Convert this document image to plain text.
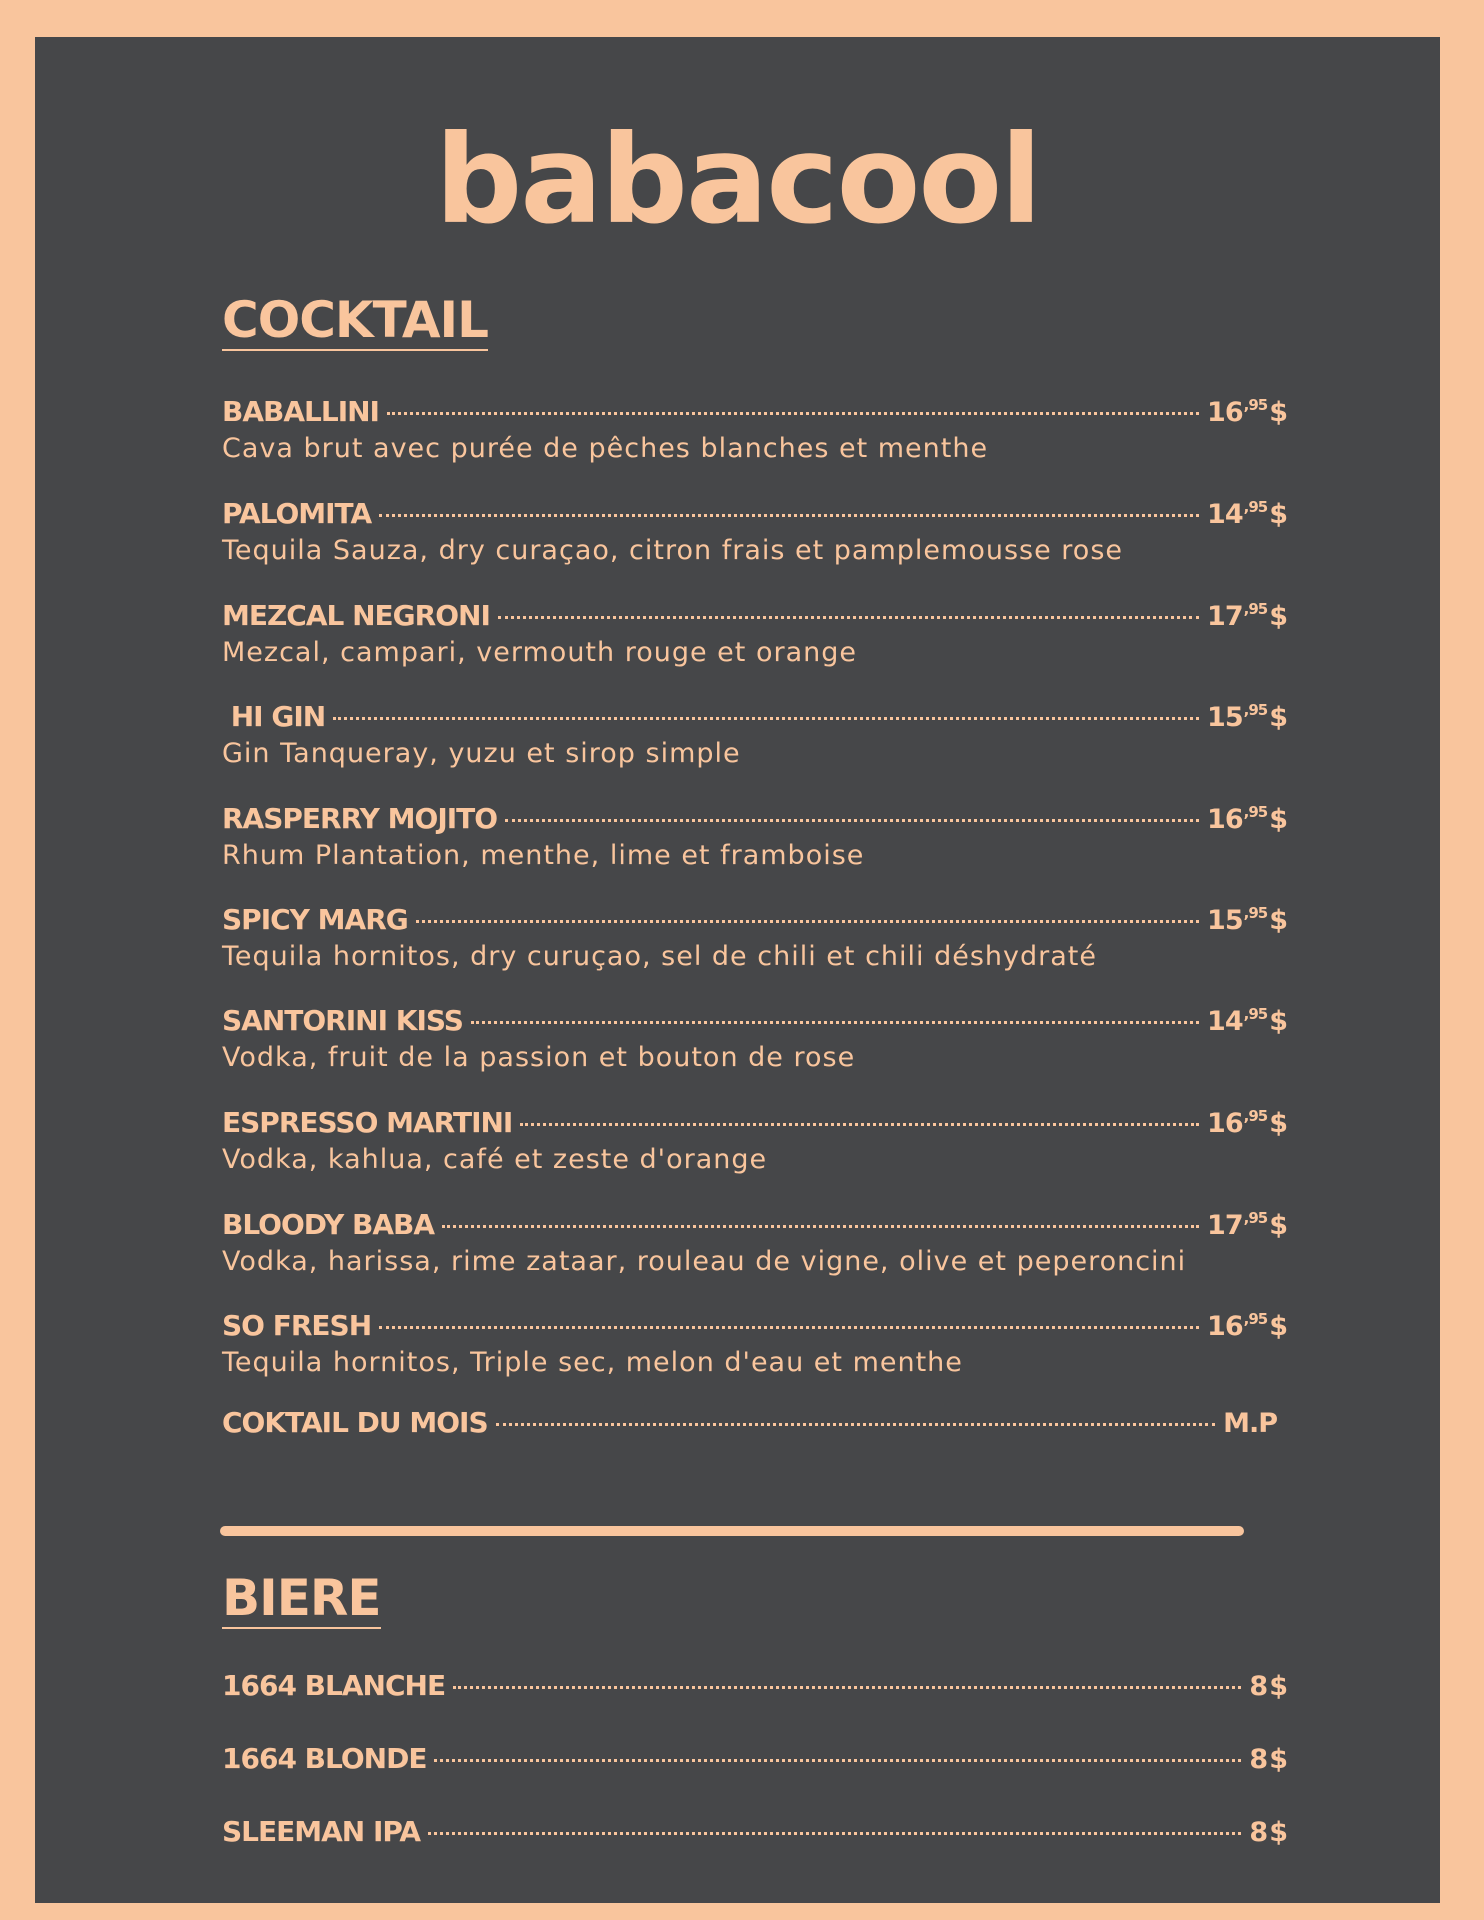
babacool
COCKTAIL
BABALLINI	$16^{,95}\$$
Cava brut avec purée de pêches blanches et menthe
PALOMITA	$14^{,95}\$$
Tequila Sauza, dry curaçao, citron frais et pamplemousse rose
MEZCAL NEGRONI	$17^{,95}\$$
Mezcal, campari, vermouth rouge et orange
HI GIN	$15^{,95}\$$
Gin Tanqueray, yuzu et sirop simple
RASPERRY MOJITO	$16^{,95}\$$
Rhum Plantation, menthe, lime et framboise
SPICY MARG	$15^{,95}\$$
Tequila hornitos, dry curuçao, sel de chili et chili déshydraté
SANTORINI KISS	$14^{,95}\$$
Vodka, fruit de la passion et bouton de rose
ESPRESSO MARTINI	$16^{,95}\$$
Vodka, kahlua, café et zeste d'orange
BLOODY BABA	$17^{,95}\$$
Vodka, harissa, rime zataar, rouleau de vigne, olive et peperoncini
SO FRESH	$16^{,95}\$$
Tequila hornitos, Triple sec, melon d'eau et menthe
COKTAIL DU MOIS	M.P
BIERE
1664 BLANCHE	8$
1664 BLONDE	8$
SLEEMAN IPA	8$
